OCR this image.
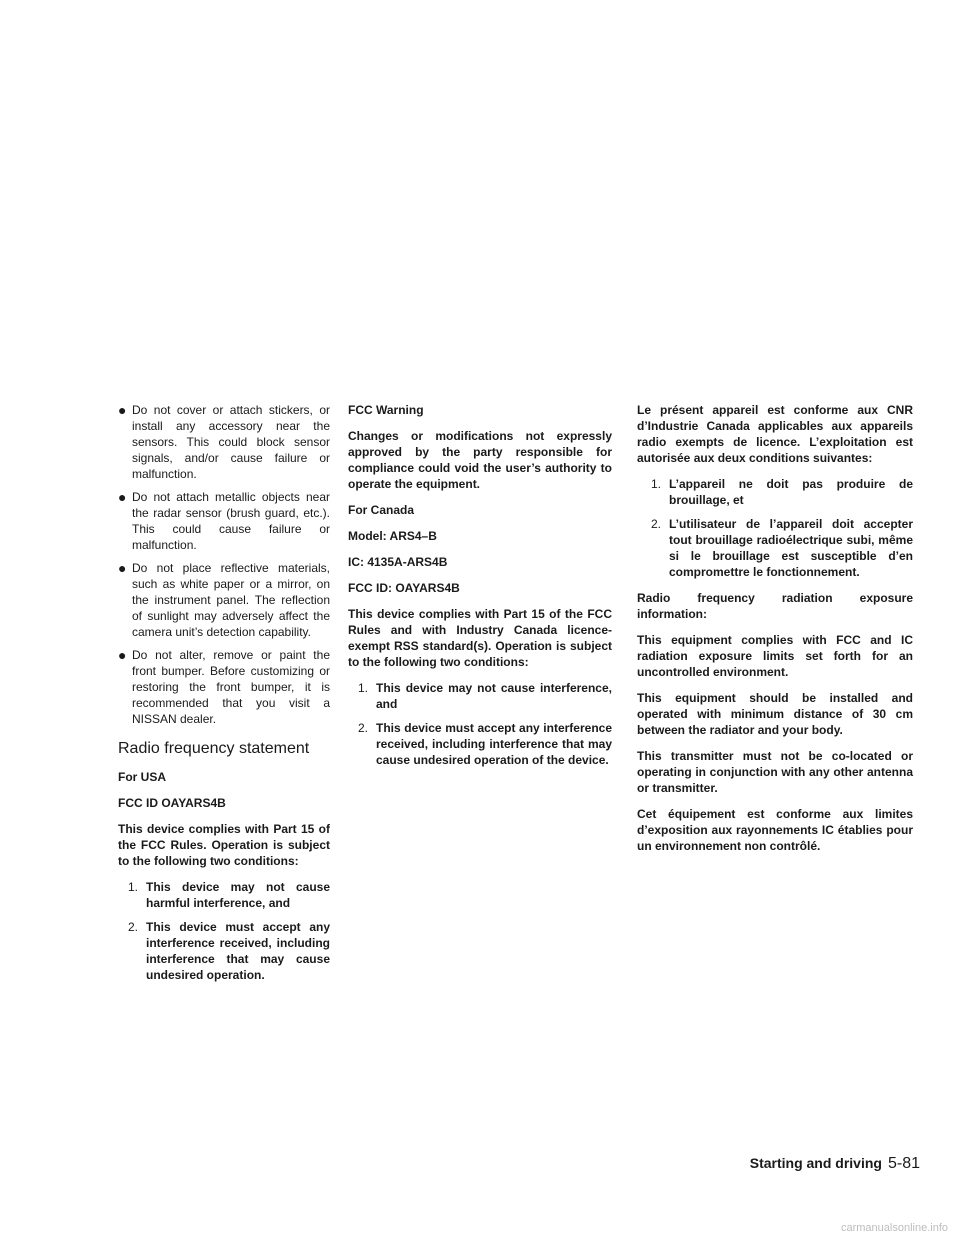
● Do not cover or attach stickers, or install any accessory near the sensors. This could block sensor signals, and/or cause failure or malfunction.
● Do not attach metallic objects near the radar sensor (brush guard, etc.). This could cause failure or malfunction.
● Do not place reflective materials, such as white paper or a mirror, on the instrument panel. The reflection of sunlight may adversely affect the camera unit’s detection capability.
● Do not alter, remove or paint the front bumper. Before customizing or restoring the front bumper, it is recommended that you visit a NISSAN dealer.
Radio frequency statement
For USA
FCC ID OAYARS4B
This device complies with Part 15 of the FCC Rules. Operation is subject to the following two conditions:
1. This device may not cause harmful interference, and
2. This device must accept any interference received, including interference that may cause undesired operation.
FCC Warning
Changes or modifications not expressly approved by the party responsible for compliance could void the user’s authority to operate the equipment.
For Canada
Model: ARS4–B
IC: 4135A-ARS4B
FCC ID: OAYARS4B
This device complies with Part 15 of the FCC Rules and with Industry Canada licence-exempt RSS standard(s). Operation is subject to the following two conditions:
1. This device may not cause interference, and
2. This device must accept any interference received, including interference that may cause undesired operation of the device.
Le présent appareil est conforme aux CNR d’Industrie Canada applicables aux appareils radio exempts de licence. L’exploitation est autorisée aux deux conditions suivantes:
1. L’appareil ne doit pas produire de brouillage, et
2. L’utilisateur de l’appareil doit accepter tout brouillage radioélectrique subi, même si le brouillage est susceptible d’en compromettre le fonctionnement.
Radio frequency radiation exposure information:
This equipment complies with FCC and IC radiation exposure limits set forth for an uncontrolled environment.
This equipment should be installed and operated with minimum distance of 30 cm between the radiator and your body.
This transmitter must not be co-located or operating in conjunction with any other antenna or transmitter.
Cet équipement est conforme aux limites d’exposition aux rayonnements IC établies pour un environnement non contrôlé.
Starting and driving 5-81
carmanualsonline.info
